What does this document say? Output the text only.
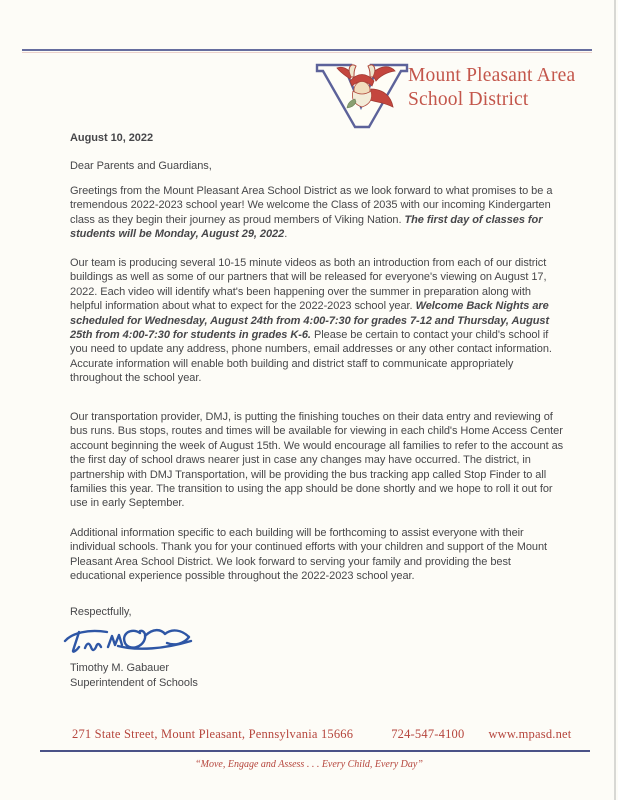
Mount Pleasant Area
School District
August 10, 2022
Dear Parents and Guardians,
Greetings from the Mount Pleasant Area School District as we look forward to what promises to be a tremendous 2022-2023 school year! We welcome the Class of 2035 with our incoming Kindergarten class as they begin their journey as proud members of Viking Nation. The first day of classes for students will be Monday, August 29, 2022.
Our team is producing several 10-15 minute videos as both an introduction from each of our district buildings as well as some of our partners that will be released for everyone's viewing on August 17, 2022. Each video will identify what's been happening over the summer in preparation along with helpful information about what to expect for the 2022-2023 school year. Welcome Back Nights are scheduled for Wednesday, August 24th from 4:00-7:30 for grades 7-12 and Thursday, August 25th from 4:00-7:30 for students in grades K-6. Please be certain to contact your child's school if you need to update any address, phone numbers, email addresses or any other contact information. Accurate information will enable both building and district staff to communicate appropriately throughout the school year.
Our transportation provider, DMJ, is putting the finishing touches on their data entry and reviewing of bus runs. Bus stops, routes and times will be available for viewing in each child's Home Access Center account beginning the week of August 15th. We would encourage all families to refer to the account as the first day of school draws nearer just in case any changes may have occurred. The district, in partnership with DMJ Transportation, will be providing the bus tracking app called Stop Finder to all families this year. The transition to using the app should be done shortly and we hope to roll it out for use in early September.
Additional information specific to each building will be forthcoming to assist everyone with their individual schools. Thank you for your continued efforts with your children and support of the Mount Pleasant Area School District. We look forward to serving your family and providing the best educational experience possible throughout the 2022-2023 school year.
Respectfully,
Timothy M. Gabauer
Superintendent of Schools
271 State Street, Mount Pleasant, Pennsylvania 15666	724-547-4100 www.mpasd.net
“Move, Engage and Assess . . . Every Child, Every Day”
